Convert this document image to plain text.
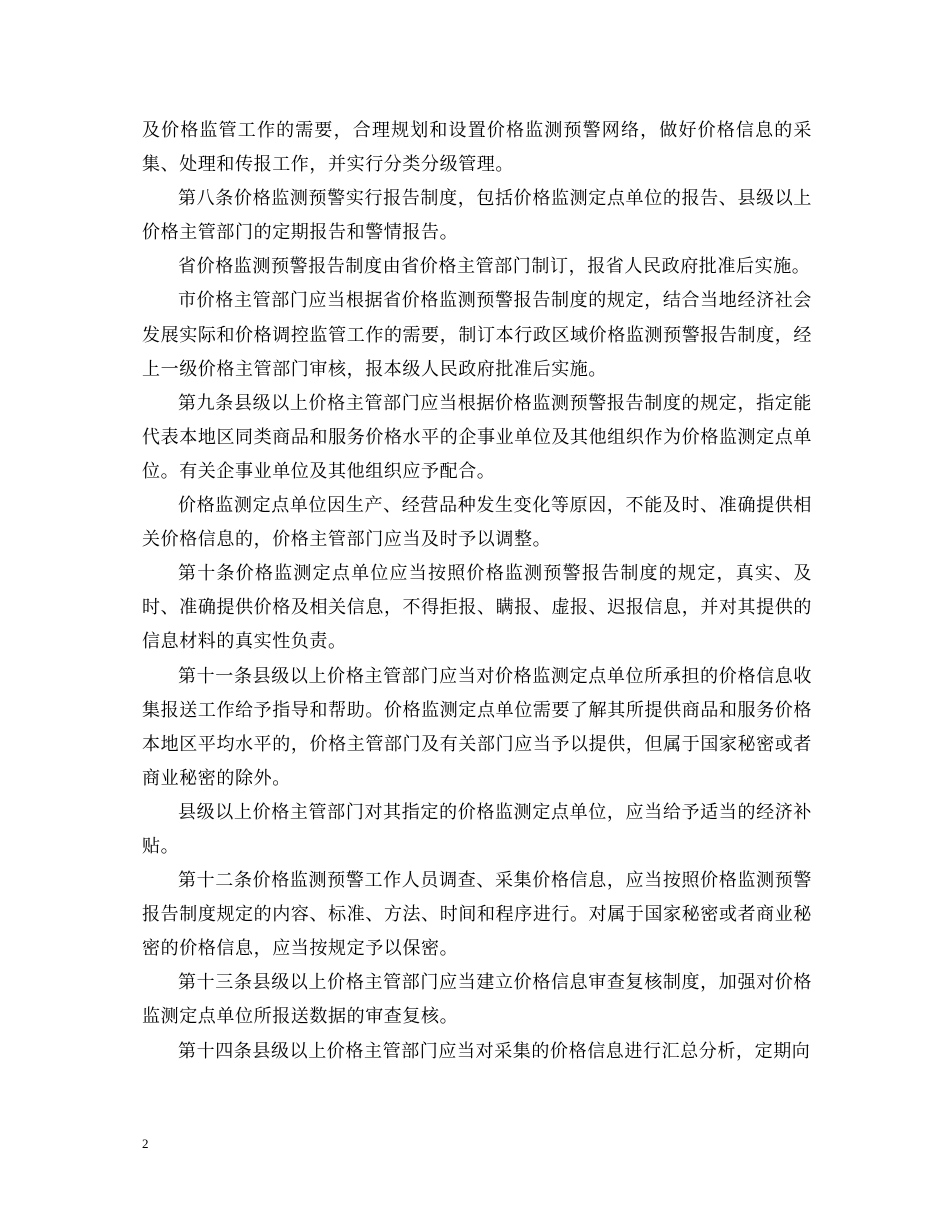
及价格监管工作的需要，合理规划和设置价格监测预警网络，做好价格信息的采集、处理和传报工作，并实行分类分级管理。

第八条价格监测预警实行报告制度，包括价格监测定点单位的报告、县级以上价格主管部门的定期报告和警情报告。

省价格监测预警报告制度由省价格主管部门制订，报省人民政府批准后实施。

市价格主管部门应当根据省价格监测预警报告制度的规定，结合当地经济社会发展实际和价格调控监管工作的需要，制订本行政区域价格监测预警报告制度，经上一级价格主管部门审核，报本级人民政府批准后实施。

第九条县级以上价格主管部门应当根据价格监测预警报告制度的规定，指定能代表本地区同类商品和服务价格水平的企事业单位及其他组织作为价格监测定点单位。有关企事业单位及其他组织应予配合。

价格监测定点单位因生产、经营品种发生变化等原因，不能及时、准确提供相关价格信息的，价格主管部门应当及时予以调整。

第十条价格监测定点单位应当按照价格监测预警报告制度的规定，真实、及时、准确提供价格及相关信息，不得拒报、瞒报、虚报、迟报信息，并对其提供的信息材料的真实性负责。

第十一条县级以上价格主管部门应当对价格监测定点单位所承担的价格信息收集报送工作给予指导和帮助。价格监测定点单位需要了解其所提供商品和服务价格本地区平均水平的，价格主管部门及有关部门应当予以提供，但属于国家秘密或者商业秘密的除外。

县级以上价格主管部门对其指定的价格监测定点单位，应当给予适当的经济补贴。

第十二条价格监测预警工作人员调查、采集价格信息，应当按照价格监测预警报告制度规定的内容、标准、方法、时间和程序进行。对属于国家秘密或者商业秘密的价格信息，应当按规定予以保密。

第十三条县级以上价格主管部门应当建立价格信息审查复核制度，加强对价格监测定点单位所报送数据的审查复核。

第十四条县级以上价格主管部门应当对采集的价格信息进行汇总分析，定期向

2
